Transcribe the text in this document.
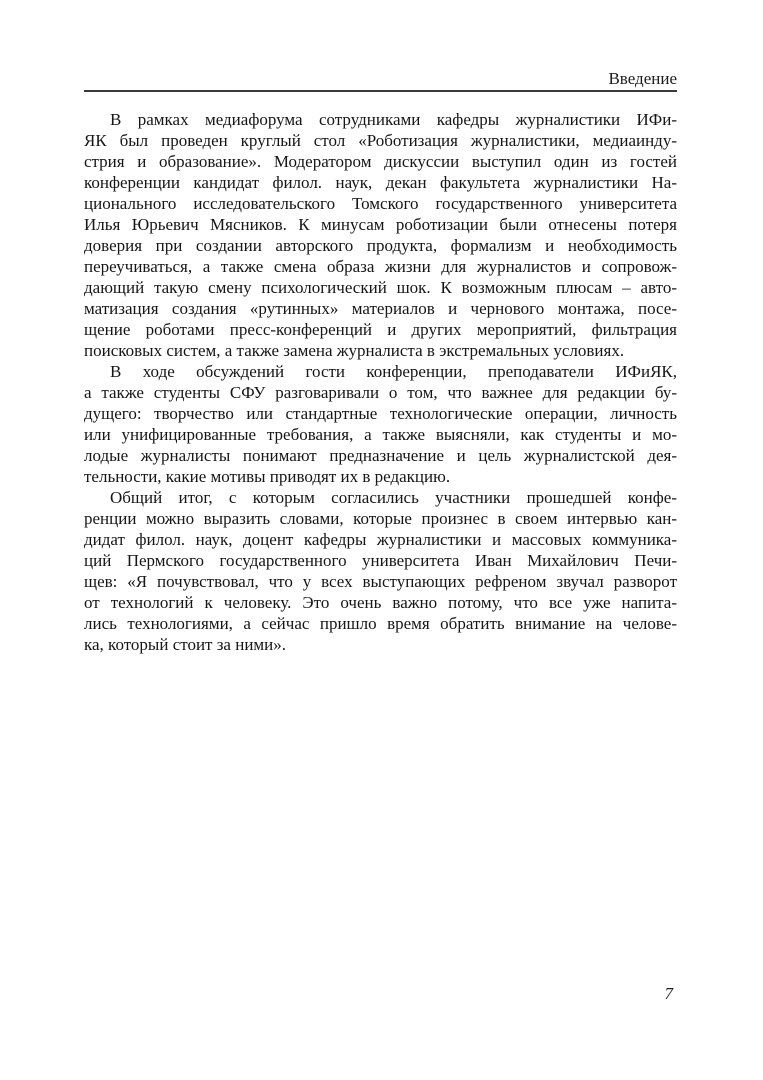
Введение
В рамках медиафорума сотрудниками кафедры журналистики ИФи-
ЯК был проведен круглый стол «Роботизация журналистики, медиаинду-
стрия и образование». Модератором дискуссии выступил один из гостей
конференции кандидат филол. наук, декан факультета журналистики На-
ционального исследовательского Томского государственного университета
Илья Юрьевич Мясников. К минусам роботизации были отнесены потеря
доверия при создании авторского продукта, формализм и необходимость
переучиваться, а также смена образа жизни для журналистов и сопровож-
дающий такую смену психологический шок. К возможным плюсам – авто-
матизация создания «рутинных» материалов и чернового монтажа, посе-
щение роботами пресс-конференций и других мероприятий, фильтрация
поисковых систем, а также замена журналиста в экстремальных условиях.
В ходе обсуждений гости конференции, преподаватели ИФиЯК,
а также студенты СФУ разговаривали о том, что важнее для редакции бу-
дущего: творчество или стандартные технологические операции, личность
или унифицированные требования, а также выясняли, как студенты и мо-
лодые журналисты понимают предназначение и цель журналистской дея-
тельности, какие мотивы приводят их в редакцию.
Общий итог, с которым согласились участники прошедшей конфе-
ренции можно выразить словами, которые произнес в своем интервью кан-
дидат филол. наук, доцент кафедры журналистики и массовых коммуника-
ций Пермского государственного университета Иван Михайлович Печи-
щев: «Я почувствовал, что у всех выступающих рефреном звучал разворот
от технологий к человеку. Это очень важно потому, что все уже напита-
лись технологиями, а сейчас пришло время обратить внимание на челове-
ка, который стоит за ними».
7
